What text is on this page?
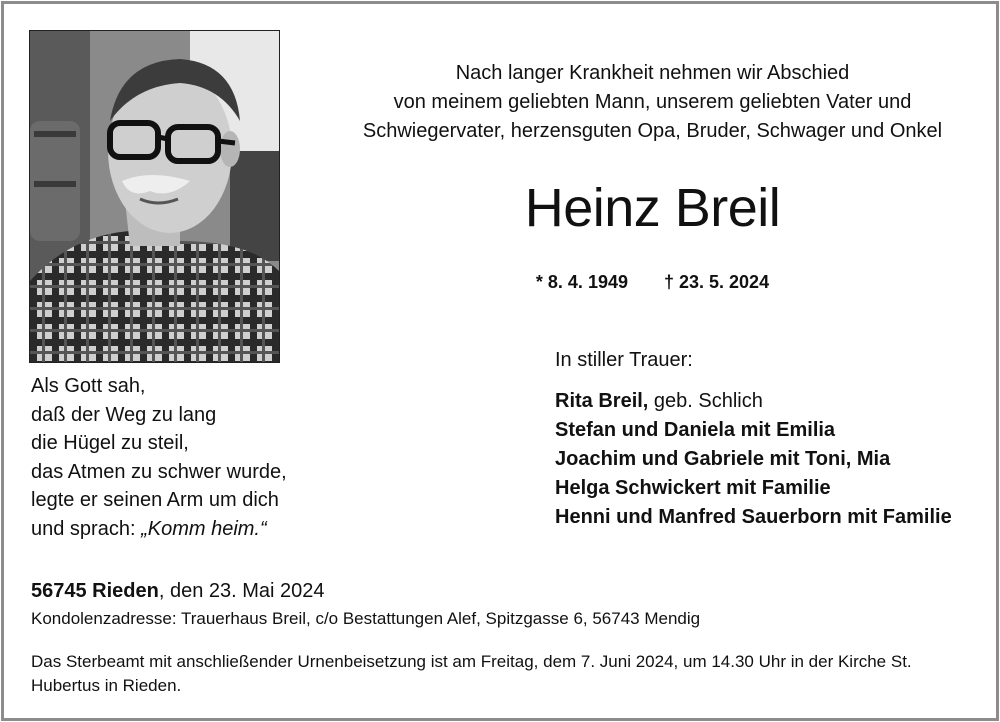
Nach langer Krankheit nehmen wir Abschied
von meinem geliebten Mann, unserem geliebten Vater und
Schwiegervater, herzensguten Opa, Bruder, Schwager und Onkel
Heinz Breil
* 8. 4. 1949 † 23. 5. 2024
Als Gott sah,
daß der Weg zu lang
die Hügel zu steil,
das Atmen zu schwer wurde,
legte er seinen Arm um dich
und sprach: „Komm heim.“
In stiller Trauer:
Rita Breil, geb. Schlich
Stefan und Daniela mit Emilia
Joachim und Gabriele mit Toni, Mia
Helga Schwickert mit Familie
Henni und Manfred Sauerborn mit Familie
56745 Rieden, den 23. Mai 2024
Kondolenzadresse: Trauerhaus Breil, c/o Bestattungen Alef, Spitzgasse 6, 56743 Mendig
Das Sterbeamt mit anschließender Urnenbeisetzung ist am Freitag, dem 7. Juni 2024, um 14.30 Uhr in der Kirche St. Hubertus in Rieden.
